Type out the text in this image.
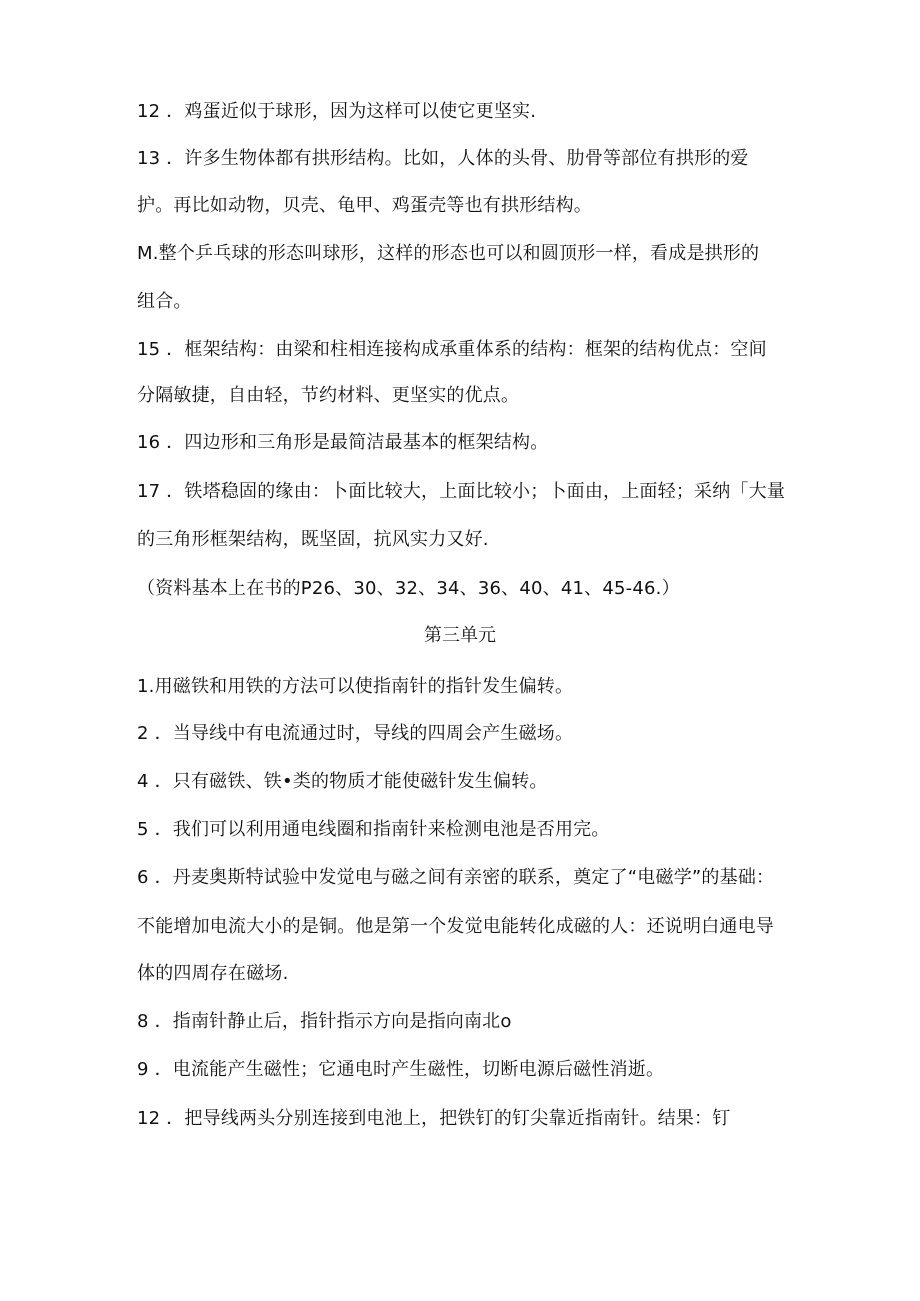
12 ．鸡蛋近似于球形，因为这样可以使它更坚实.
13 ．许多生物体都有拱形结构。比如，人体的头骨、肋骨等部位有拱形的爱
护。再比如动物，贝壳、龟甲、鸡蛋壳等也有拱形结构。
M.整个乒乓球的形态叫球形，这样的形态也可以和圆顶形一样，看成是拱形的
组合。
15 ．框架结构：由梁和柱相连接构成承重体系的结构：框架的结构优点：空间
分隔敏捷，自由轻，节约材料、更坚实的优点。
16 ．四边形和三角形是最简洁最基本的框架结构。
17 ．铁塔稳固的缘由：卜面比较大，上面比较小；卜面由，上面轻；采纳「大量
的三角形框架结构，既坚固，抗风实力又好.
（资料基本上在书的P26、30、32、34、36、40、41、45-46.）
第三单元
1.用磁铁和用铁的方法可以使指南针的指针发生偏转。
2 ．当导线中有电流通过时，导线的四周会产生磁场。
4 ．只有磁铁、铁•类的物质才能使磁针发生偏转。
5 ．我们可以利用通电线圈和指南针来检测电池是否用完。
6 ．丹麦奥斯特试验中发觉电与磁之间有亲密的联系，奠定了“电磁学”的基础：
不能增加电流大小的是铜。他是第一个发觉电能转化成磁的人：还说明白通电导
体的四周存在磁场.
8 ．指南针静止后，指针指示方向是指向南北o
9 ．电流能产生磁性；它通电时产生磁性，切断电源后磁性消逝。
12 ．把导线两头分别连接到电池上，把铁钉的钉尖靠近指南针。结果：钉
